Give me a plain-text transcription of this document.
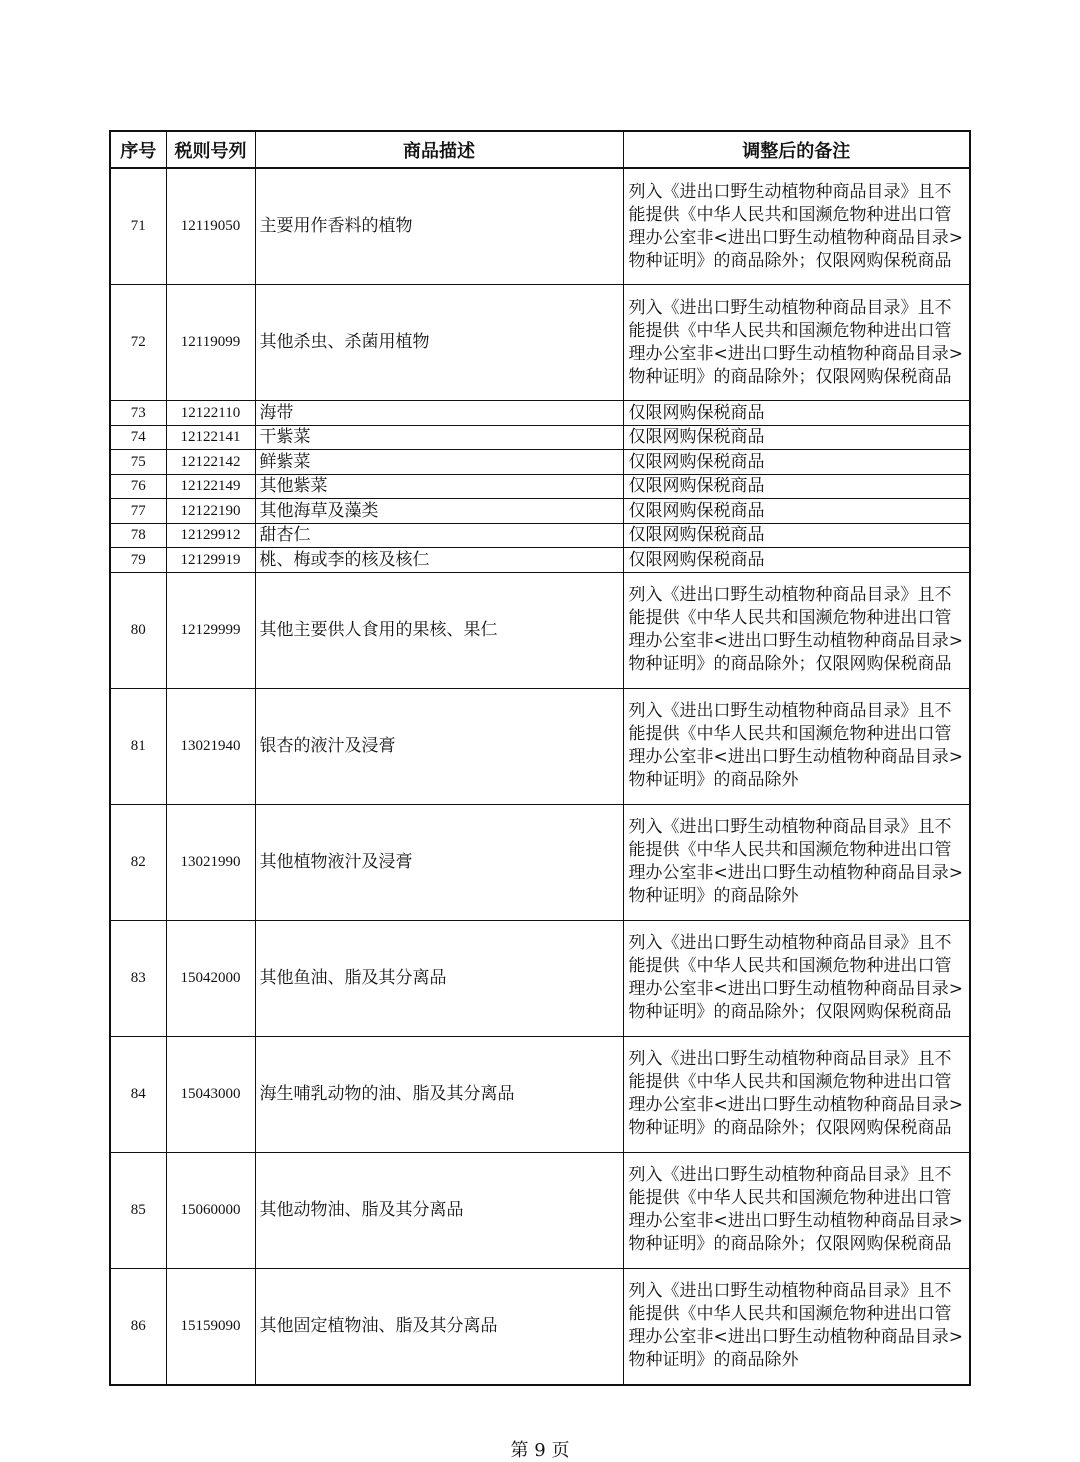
序号	税则号列	商品描述	调整后的备注
71	12119050	主要用作香料的植物	列入《进出口野生动植物种商品目录》且不能提供《中华人民共和国濒危物种进出口管理办公室非<进出口野生动植物种商品目录>物种证明》的商品除外；仅限网购保税商品
72	12119099	其他杀虫、杀菌用植物	列入《进出口野生动植物种商品目录》且不能提供《中华人民共和国濒危物种进出口管理办公室非<进出口野生动植物种商品目录>物种证明》的商品除外；仅限网购保税商品
73	12122110	海带	仅限网购保税商品
74	12122141	干紫菜	仅限网购保税商品
75	12122142	鲜紫菜	仅限网购保税商品
76	12122149	其他紫菜	仅限网购保税商品
77	12122190	其他海草及藻类	仅限网购保税商品
78	12129912	甜杏仁	仅限网购保税商品
79	12129919	桃、梅或李的核及核仁	仅限网购保税商品
80	12129999	其他主要供人食用的果核、果仁	列入《进出口野生动植物种商品目录》且不能提供《中华人民共和国濒危物种进出口管理办公室非<进出口野生动植物种商品目录>物种证明》的商品除外；仅限网购保税商品
81	13021940	银杏的液汁及浸膏	列入《进出口野生动植物种商品目录》且不能提供《中华人民共和国濒危物种进出口管理办公室非<进出口野生动植物种商品目录>物种证明》的商品除外
82	13021990	其他植物液汁及浸膏	列入《进出口野生动植物种商品目录》且不能提供《中华人民共和国濒危物种进出口管理办公室非<进出口野生动植物种商品目录>物种证明》的商品除外
83	15042000	其他鱼油、脂及其分离品	列入《进出口野生动植物种商品目录》且不能提供《中华人民共和国濒危物种进出口管理办公室非<进出口野生动植物种商品目录>物种证明》的商品除外；仅限网购保税商品
84	15043000	海生哺乳动物的油、脂及其分离品	列入《进出口野生动植物种商品目录》且不能提供《中华人民共和国濒危物种进出口管理办公室非<进出口野生动植物种商品目录>物种证明》的商品除外；仅限网购保税商品
85	15060000	其他动物油、脂及其分离品	列入《进出口野生动植物种商品目录》且不能提供《中华人民共和国濒危物种进出口管理办公室非<进出口野生动植物种商品目录>物种证明》的商品除外；仅限网购保税商品
86	15159090	其他固定植物油、脂及其分离品	列入《进出口野生动植物种商品目录》且不能提供《中华人民共和国濒危物种进出口管理办公室非<进出口野生动植物种商品目录>物种证明》的商品除外
第 9 页
